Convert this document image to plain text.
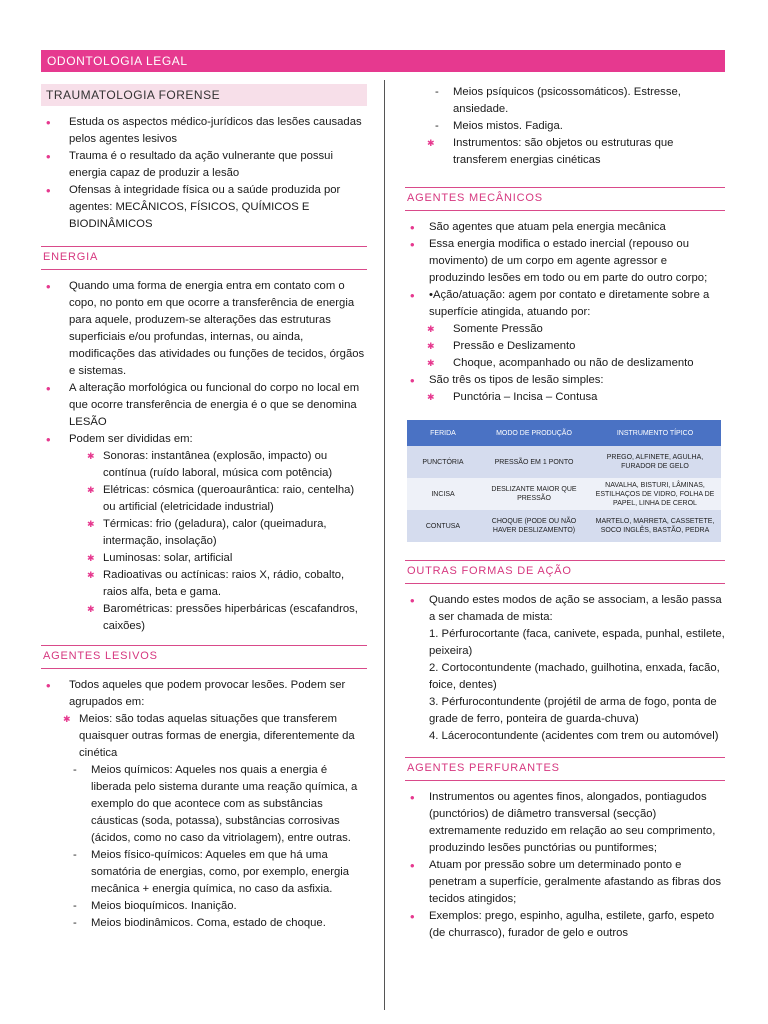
ODONTOLOGIA LEGAL
TRAUMATOLOGIA FORENSE
• Estuda os aspectos médico-jurídicos das lesões causadas pelos agentes lesivos
• Trauma é o resultado da ação vulnerante que possui energia capaz de produzir a lesão
• Ofensas à integridade física ou a saúde produzida por agentes: MECÂNICOS, FÍSICOS, QUÍMICOS E BIODINÂMICOS
ENERGIA
• Quando uma forma de energia entra em contato com o copo, no ponto em que ocorre a transferência de energia para aquele, produzem-se alterações das estruturas superficiais e/ou profundas, internas, ou ainda, modificações das atividades ou funções de tecidos, órgãos e sistemas.
• A alteração morfológica ou funcional do corpo no local em que ocorre transferência de energia é o que se denomina LESÃO
• Podem ser divididas em:
✱ Sonoras: instantânea (explosão, impacto) ou contínua (ruído laboral, música com potência)
✱ Elétricas: cósmica (queroaurântica: raio, centelha) ou artificial (eletricidade industrial)
✱ Térmicas: frio (geladura), calor (queimadura, intermação, insolação)
✱ Luminosas: solar, artificial
✱ Radioativas ou actínicas: raios X, rádio, cobalto, raios alfa, beta e gama.
✱ Barométricas: pressões hiperbáricas (escafandros, caixões)
AGENTES LESIVOS
• Todos aqueles que podem provocar lesões. Podem ser agrupados em:
✱ Meios: são todas aquelas situações que transferem quaisquer outras formas de energia, diferentemente da cinética
- Meios químicos: Aqueles nos quais a energia é liberada pelo sistema durante uma reação química, a exemplo do que acontece com as substâncias cáusticas (soda, potassa), substâncias corrosivas (ácidos, como no caso da vitriolagem), entre outras.
- Meios físico-químicos: Aqueles em que há uma somatória de energias, como, por exemplo, energia mecânica + energia química, no caso da asfixia.
- Meios bioquímicos. Inanição.
- Meios biodinâmicos. Coma, estado de choque.
- Meios psíquicos (psicossomáticos). Estresse, ansiedade.
- Meios mistos. Fadiga.
✱ Instrumentos: são objetos ou estruturas que transferem energias cinéticas
AGENTES MECÂNICOS
• São agentes que atuam pela energia mecânica
• Essa energia modifica o estado inercial (repouso ou movimento) de um corpo em agente agressor e produzindo lesões em todo ou em parte do outro corpo;
• •Ação/atuação: agem por contato e diretamente sobre a superfície atingida, atuando por:
✱ Somente Pressão
✱ Pressão e Deslizamento
✱ Choque, acompanhado ou não de deslizamento
• São três os tipos de lesão simples:
✱ Punctória – Incisa – Contusa
FERIDA	MODO DE PRODUÇÃO	INSTRUMENTO TÍPICO
PUNCTÓRIA	PRESSÃO EM 1 PONTO	PREGO, ALFINETE, AGULHA, FURADOR DE GELO
INCISA	DESLIZANTE MAIOR QUE PRESSÃO	NAVALHA, BISTURI, LÂMINAS, ESTILHAÇOS DE VIDRO, FOLHA DE PAPEL, LINHA DE CEROL
CONTUSA	CHOQUE (PODE OU NÃO HAVER DESLIZAMENTO)	MARTELO, MARRETA, CASSETETE, SOCO INGLÊS, BASTÃO, PEDRA
OUTRAS FORMAS DE AÇÃO
• Quando estes modos de ação se associam, a lesão passa a ser chamada de mista:
1. Pérfurocortante (faca, canivete, espada, punhal, estilete, peixeira)
2. Cortocontundente (machado, guilhotina, enxada, facão, foice, dentes)
3. Pérfurocontundente (projétil de arma de fogo, ponta de grade de ferro, ponteira de guarda-chuva)
4. Lácerocontundente (acidentes com trem ou automóvel)
AGENTES PERFURANTES
• Instrumentos ou agentes finos, alongados, pontiagudos (punctórios) de diâmetro transversal (secção) extremamente reduzido em relação ao seu comprimento, produzindo lesões punctórias ou puntiformes;
• Atuam por pressão sobre um determinado ponto e penetram a superfície, geralmente afastando as fibras dos tecidos atingidos;
• Exemplos: prego, espinho, agulha, estilete, garfo, espeto (de churrasco), furador de gelo e outros
